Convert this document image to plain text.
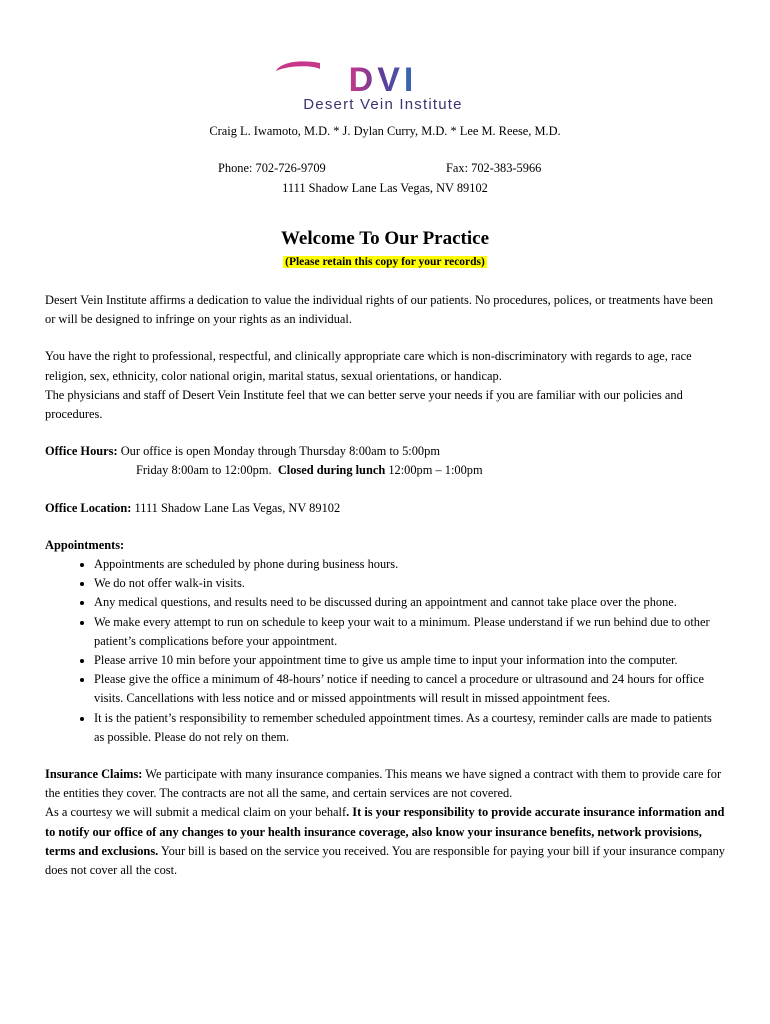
DVI
Desert Vein Institute
Craig L. Iwamoto, M.D. * J. Dylan Curry, M.D. * Lee M. Reese, M.D.
Phone: 702-726-9709	Fax: 702-383-5966
1111 Shadow Lane Las Vegas, NV 89102
Welcome To Our Practice
(Please retain this copy for your records)

Desert Vein Institute affirms a dedication to value the individual rights of our patients. No procedures, polices, or treatments have been or will be designed to infringe on your rights as an individual.

You have the right to professional, respectful, and clinically appropriate care which is non-discriminatory with regards to age, race religion, sex, ethnicity, color national origin, marital status, sexual orientations, or handicap.

The physicians and staff of Desert Vein Institute feel that we can better serve your needs if you are familiar with our policies and procedures.

Office Hours: Our office is open Monday through Thursday 8:00am to 5:00pm

Friday 8:00am to 12:00pm. Closed during lunch 12:00pm – 1:00pm

Office Location: 1111 Shadow Lane Las Vegas, NV 89102

Appointments:

• Appointments are scheduled by phone during business hours.
• We do not offer walk-in visits.
• Any medical questions, and results need to be discussed during an appointment and cannot take place over the phone.
• We make every attempt to run on schedule to keep your wait to a minimum. Please understand if we run behind due to other patient’s complications before your appointment.
• Please arrive 10 min before your appointment time to give us ample time to input your information into the computer.
• Please give the office a minimum of 48-hours’ notice if needing to cancel a procedure or ultrasound and 24 hours for office visits. Cancellations with less notice and or missed appointments will result in missed appointment fees.
• It is the patient’s responsibility to remember scheduled appointment times. As a courtesy, reminder calls are made to patients as possible. Please do not rely on them.

Insurance Claims: We participate with many insurance companies. This means we have signed a contract with them to provide care for the entities they cover. The contracts are not all the same, and certain services are not covered.

As a courtesy we will submit a medical claim on your behalf. It is your responsibility to provide accurate insurance information and to notify our office of any changes to your health insurance coverage, also know your insurance benefits, network provisions, terms and exclusions. Your bill is based on the service you received. You are responsible for paying your bill if your insurance company does not cover all the cost.
